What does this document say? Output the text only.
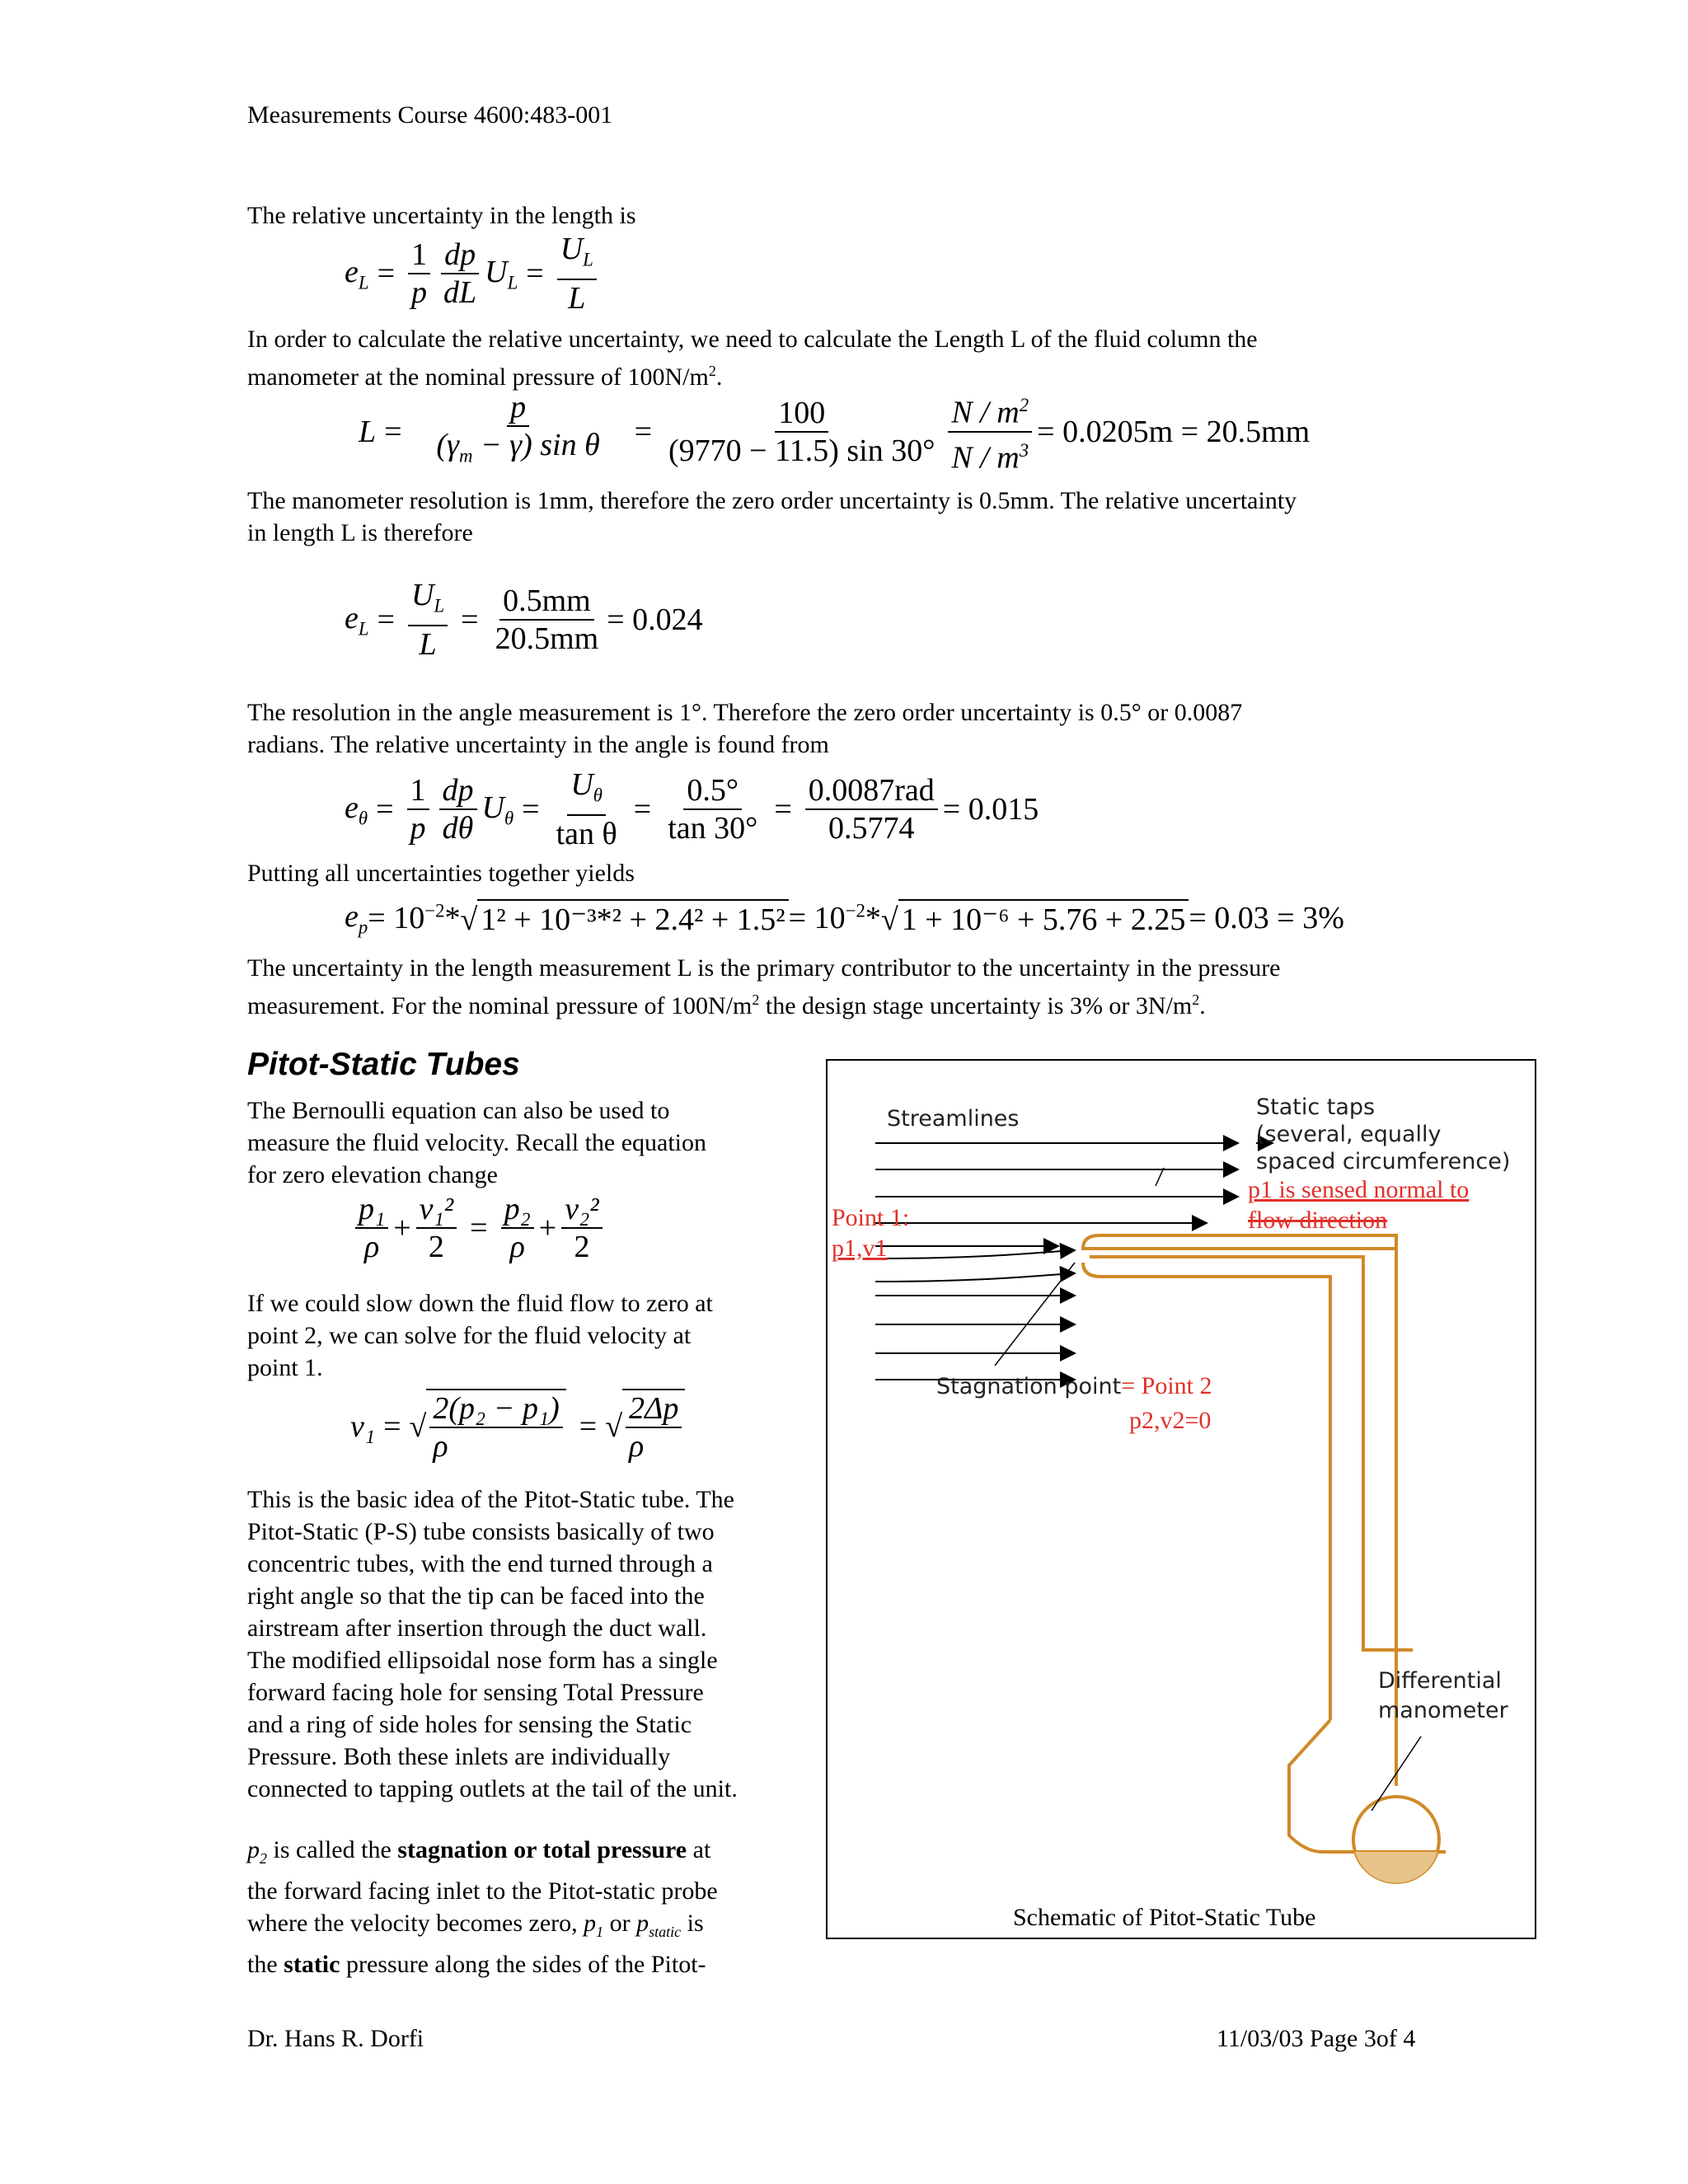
Measurements Course 4600:483-001
The relative uncertainty in the length is
$e_L = \frac{1}{p} \frac{dp}{dL} U_L = \frac{U_L}{L}$
In order to calculate the relative uncertainty, we need to calculate the Length L of the fluid column the
manometer at the nominal pressure of $100N/m^2$.
$L = \frac{p}{(\gamma_m - \gamma) \sin \theta} = \frac{100}{(9770 - 11.5) \sin 30^\circ} \frac{N / m^2}{N / m^3} = 0.0205m = 20.5mm$
The manometer resolution is 1mm, therefore the zero order uncertainty is 0.5mm. The relative uncertainty
in length L is therefore
$e_L = \frac{U_L}{L} = \frac{0.5mm}{20.5mm} = 0.024$
The resolution in the angle measurement is 1°. Therefore the zero order uncertainty is 0.5° or 0.0087
radians. The relative uncertainty in the angle is found from
$e_\theta = \frac{1}{p} \frac{dp}{d\theta} U_\theta = \frac{U_\theta}{\text{tan θ}} = \frac{0.5^\circ}{\tan 30^\circ} = \frac{\text{0.0087rad}}{0.5774} = 0.015$
Putting all uncertainties together yields
$e_p = 10^{-2}$ * √ $1^2 + 10^{-3}*^2 + 2.4^2 + 1.5^2 = 10^{-2}$ * √ 1 + 10⁻⁶ + 5.76 + 2.25 = 0.03 = 3%
The uncertainty in the length measurement L is the primary contributor to the uncertainty in the pressure
measurement. For the nominal pressure of $100N/m^2$ the design stage uncertainty is 3% or $3N/m^2$.
Pitot-Static Tubes
The Bernoulli equation can also be used to
measure the fluid velocity. Recall the equation
for zero elevation change
$\frac{\text{p₁}}{\rho} + \frac{\text{v₁²}}{2} = \frac{\text{p₂}}{\rho} + \frac{\text{v₂²}}{2}$
If we could slow down the fluid flow to zero at
point 2, we can solve for the fluid velocity at
point 1.
v₁ = √ $\frac{\text{2(p₂ − p₁)}}{\rho}$ = √ $\frac{2\Delta p}{\rho}$
This is the basic idea of the Pitot-Static tube. The
Pitot-Static (P-S) tube consists basically of two
concentric tubes, with the end turned through a
right angle so that the tip can be faced into the
airstream after insertion through the duct wall.
The modified ellipsoidal nose form has a single
forward facing hole for sensing Total Pressure
and a ring of side holes for sensing the Static
Pressure. Both these inlets are individually
connected to tapping outlets at the tail of the unit.
$p_2$ is called the stagnation or total pressure at
the forward facing inlet to the Pitot-static probe
where the velocity becomes zero, $p_1$ or $p_{static}$ is
the static pressure along the sides of the Pitot-
Streamlines	Static taps
(several, equally
spaced circumference)
p1 is sensed normal to
flow direction
Point 1:
p1,v1
Stagnation point= Point 2
p2,v2=0
Differential
manometer
Schematic of Pitot-Static Tube
Dr. Hans R. Dorfi	11/03/03 Page 3of 4
